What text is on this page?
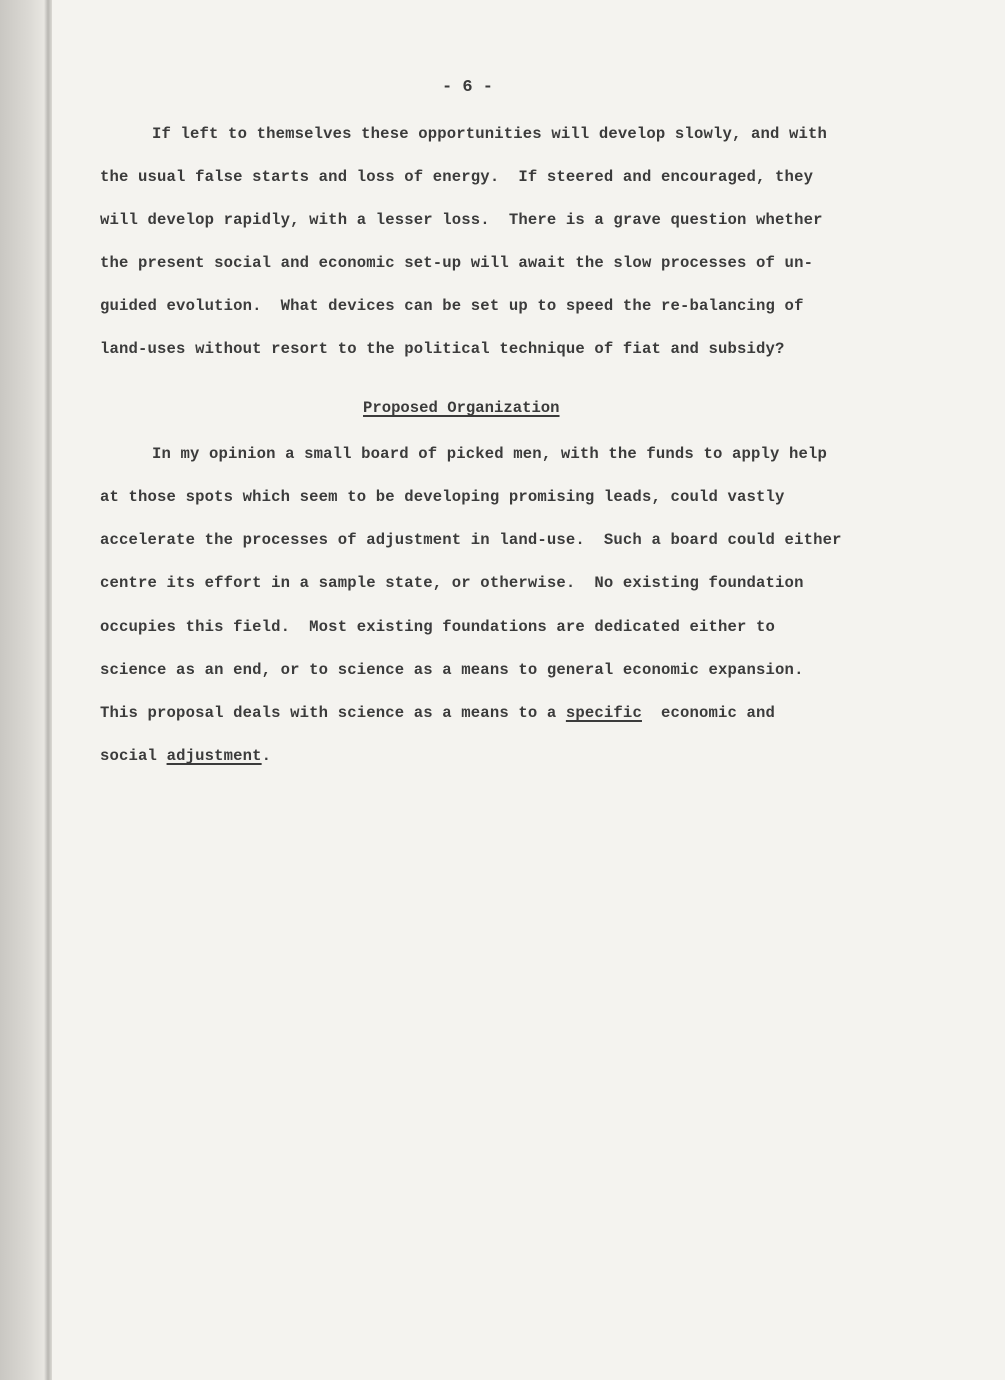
- 6 -
If left to themselves these opportunities will develop slowly, and with
the usual false starts and loss of energy.  If steered and encouraged, they
will develop rapidly, with a lesser loss.  There is a grave question whether
the present social and economic set-up will await the slow processes of un-
guided evolution.  What devices can be set up to speed the re-balancing of
land-uses without resort to the political technique of fiat and subsidy?
Proposed Organization
In my opinion a small board of picked men, with the funds to apply help
at those spots which seem to be developing promising leads, could vastly
accelerate the processes of adjustment in land-use.  Such a board could either
centre its effort in a sample state, or otherwise.  No existing foundation
occupies this field.  Most existing foundations are dedicated either to
science as an end, or to science as a means to general economic expansion.
This proposal deals with science as a means to a specific  economic and
social adjustment.
